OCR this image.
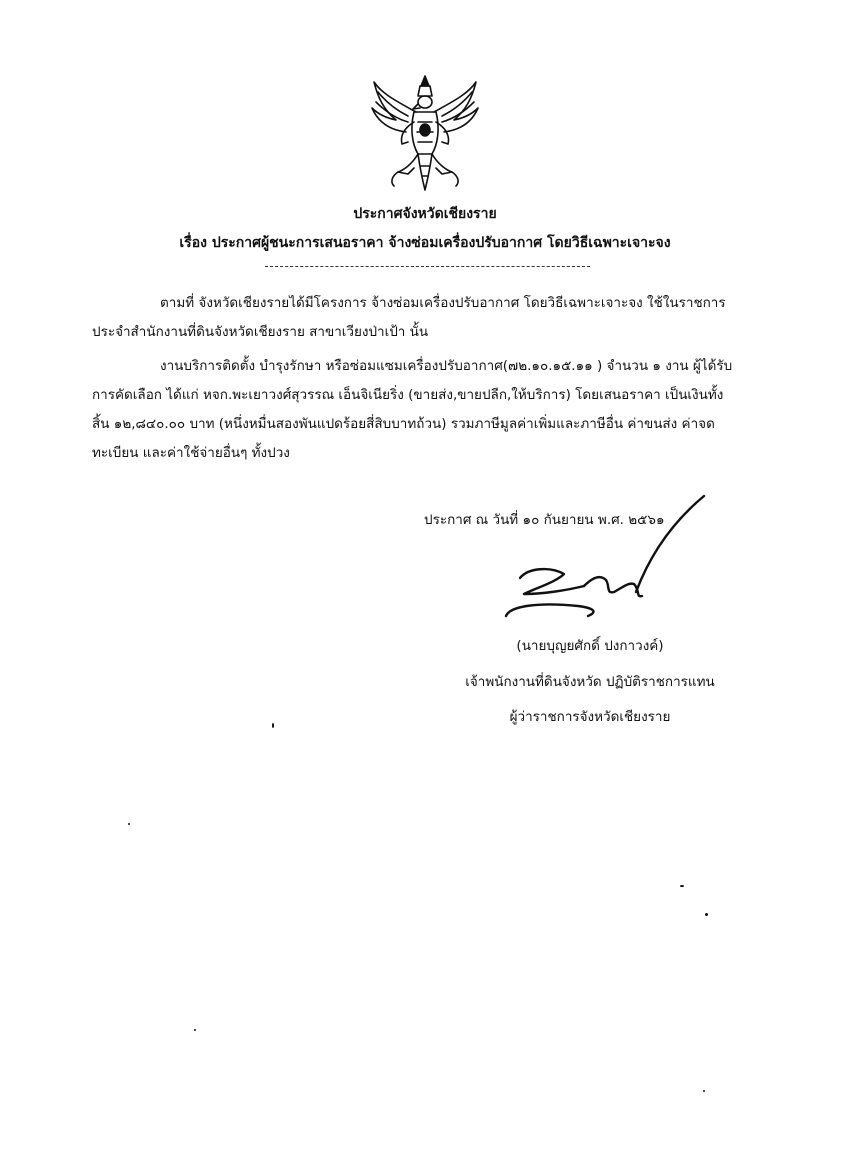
ประกาศจังหวัดเชียงราย
เรื่อง ประกาศผู้ชนะการเสนอราคา จ้างซ่อมเครื่องปรับอากาศ โดยวิธีเฉพาะเจาะจง
ตามที่ จังหวัดเชียงรายได้มีโครงการ จ้างซ่อมเครื่องปรับอากาศ โดยวิธีเฉพาะเจาะจง ใช้ในราชการ
ประจำสำนักงานที่ดินจังหวัดเชียงราย สาขาเวียงป่าเป้า นั้น
งานบริการติดตั้ง บำรุงรักษา หรือซ่อมแซมเครื่องปรับอากาศ(๗๒.๑๐.๑๕.๑๑ ) จำนวน ๑ งาน ผู้ได้รับ
การคัดเลือก ได้แก่ หจก.พะเยาวงศ์สุวรรณ เอ็นจิเนียริ่ง (ขายส่ง,ขายปลีก,ให้บริการ) โดยเสนอราคา เป็นเงินทั้ง
สิ้น ๑๒,๘๔๐.๐๐ บาท (หนึ่งหมื่นสองพันแปดร้อยสี่สิบบาทถ้วน) รวมภาษีมูลค่าเพิ่มและภาษีอื่น ค่าขนส่ง ค่าจด
ทะเบียน และค่าใช้จ่ายอื่นๆ ทั้งปวง
ประกาศ ณ วันที่ ๑๐ กันยายน พ.ศ. ๒๕๖๑
(นายบุญยศักดิ์ ปงกาวงค์)
เจ้าพนักงานที่ดินจังหวัด ปฏิบัติราชการแทน
ผู้ว่าราชการจังหวัดเชียงราย
